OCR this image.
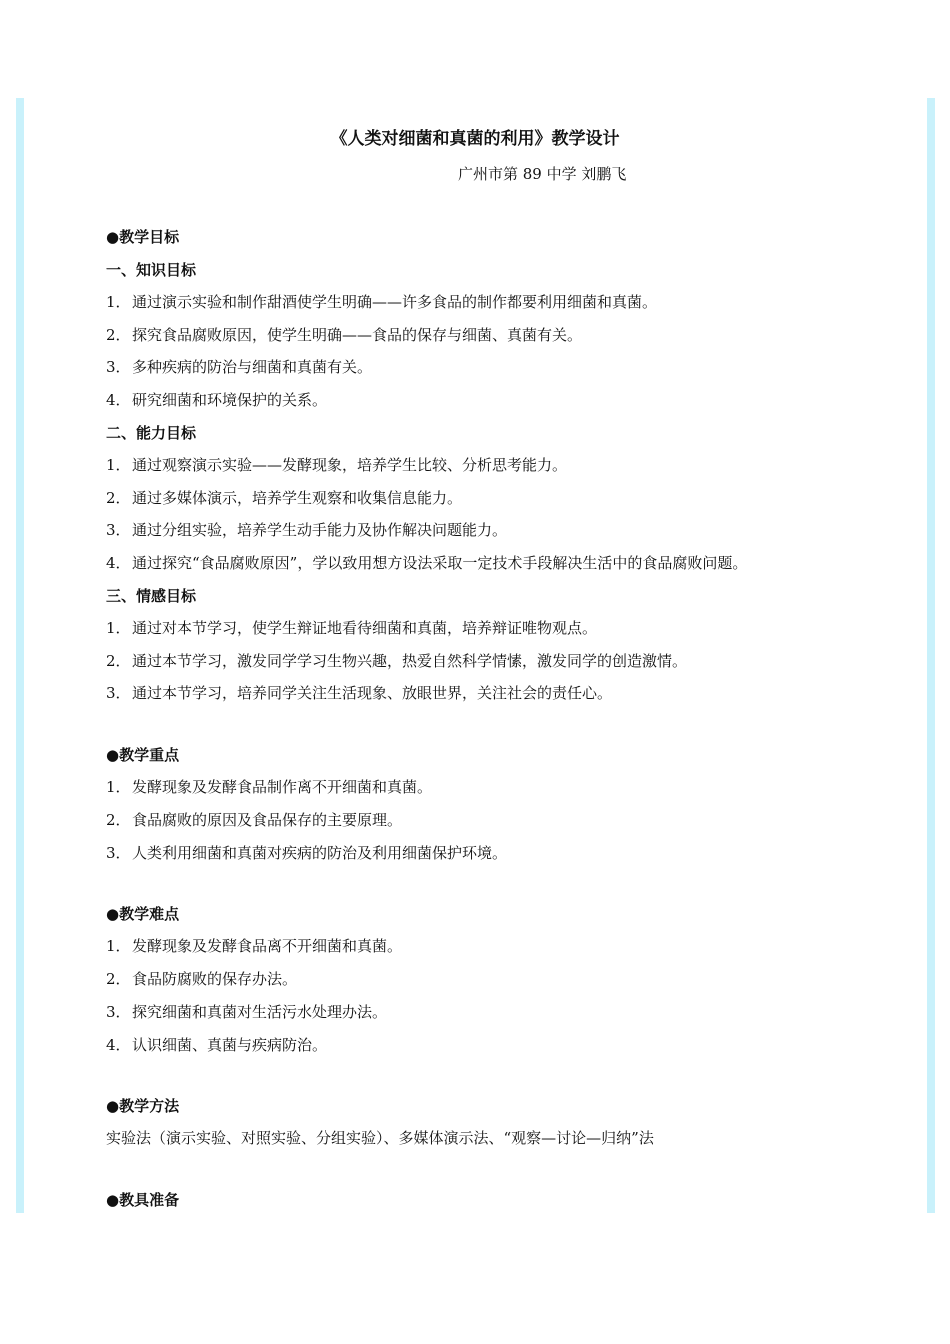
《人类对细菌和真菌的利用》教学设计
广州市第 89 中学 刘鹏飞
●教学目标
一、知识目标
1．通过演示实验和制作甜酒使学生明确——许多食品的制作都要利用细菌和真菌。
2．探究食品腐败原因，使学生明确——食品的保存与细菌、真菌有关。
3．多种疾病的防治与细菌和真菌有关。
4．研究细菌和环境保护的关系。
二、能力目标
1．通过观察演示实验——发酵现象，培养学生比较、分析思考能力。
2．通过多媒体演示，培养学生观察和收集信息能力。
3．通过分组实验，培养学生动手能力及协作解决问题能力。
4．通过探究“食品腐败原因”，学以致用想方设法采取一定技术手段解决生活中的食品腐败问题。
三、情感目标
1．通过对本节学习，使学生辩证地看待细菌和真菌，培养辩证唯物观点。
2．通过本节学习，激发同学学习生物兴趣，热爱自然科学情愫，激发同学的创造激情。
3．通过本节学习，培养同学关注生活现象、放眼世界，关注社会的责任心。
●教学重点
1．发酵现象及发酵食品制作离不开细菌和真菌。
2．食品腐败的原因及食品保存的主要原理。
3．人类利用细菌和真菌对疾病的防治及利用细菌保护环境。
●教学难点
1．发酵现象及发酵食品离不开细菌和真菌。
2．食品防腐败的保存办法。
3．探究细菌和真菌对生活污水处理办法。
4．认识细菌、真菌与疾病防治。
●教学方法
实验法（演示实验、对照实验、分组实验）、多媒体演示法、“观察—讨论—归纳”法
●教具准备
